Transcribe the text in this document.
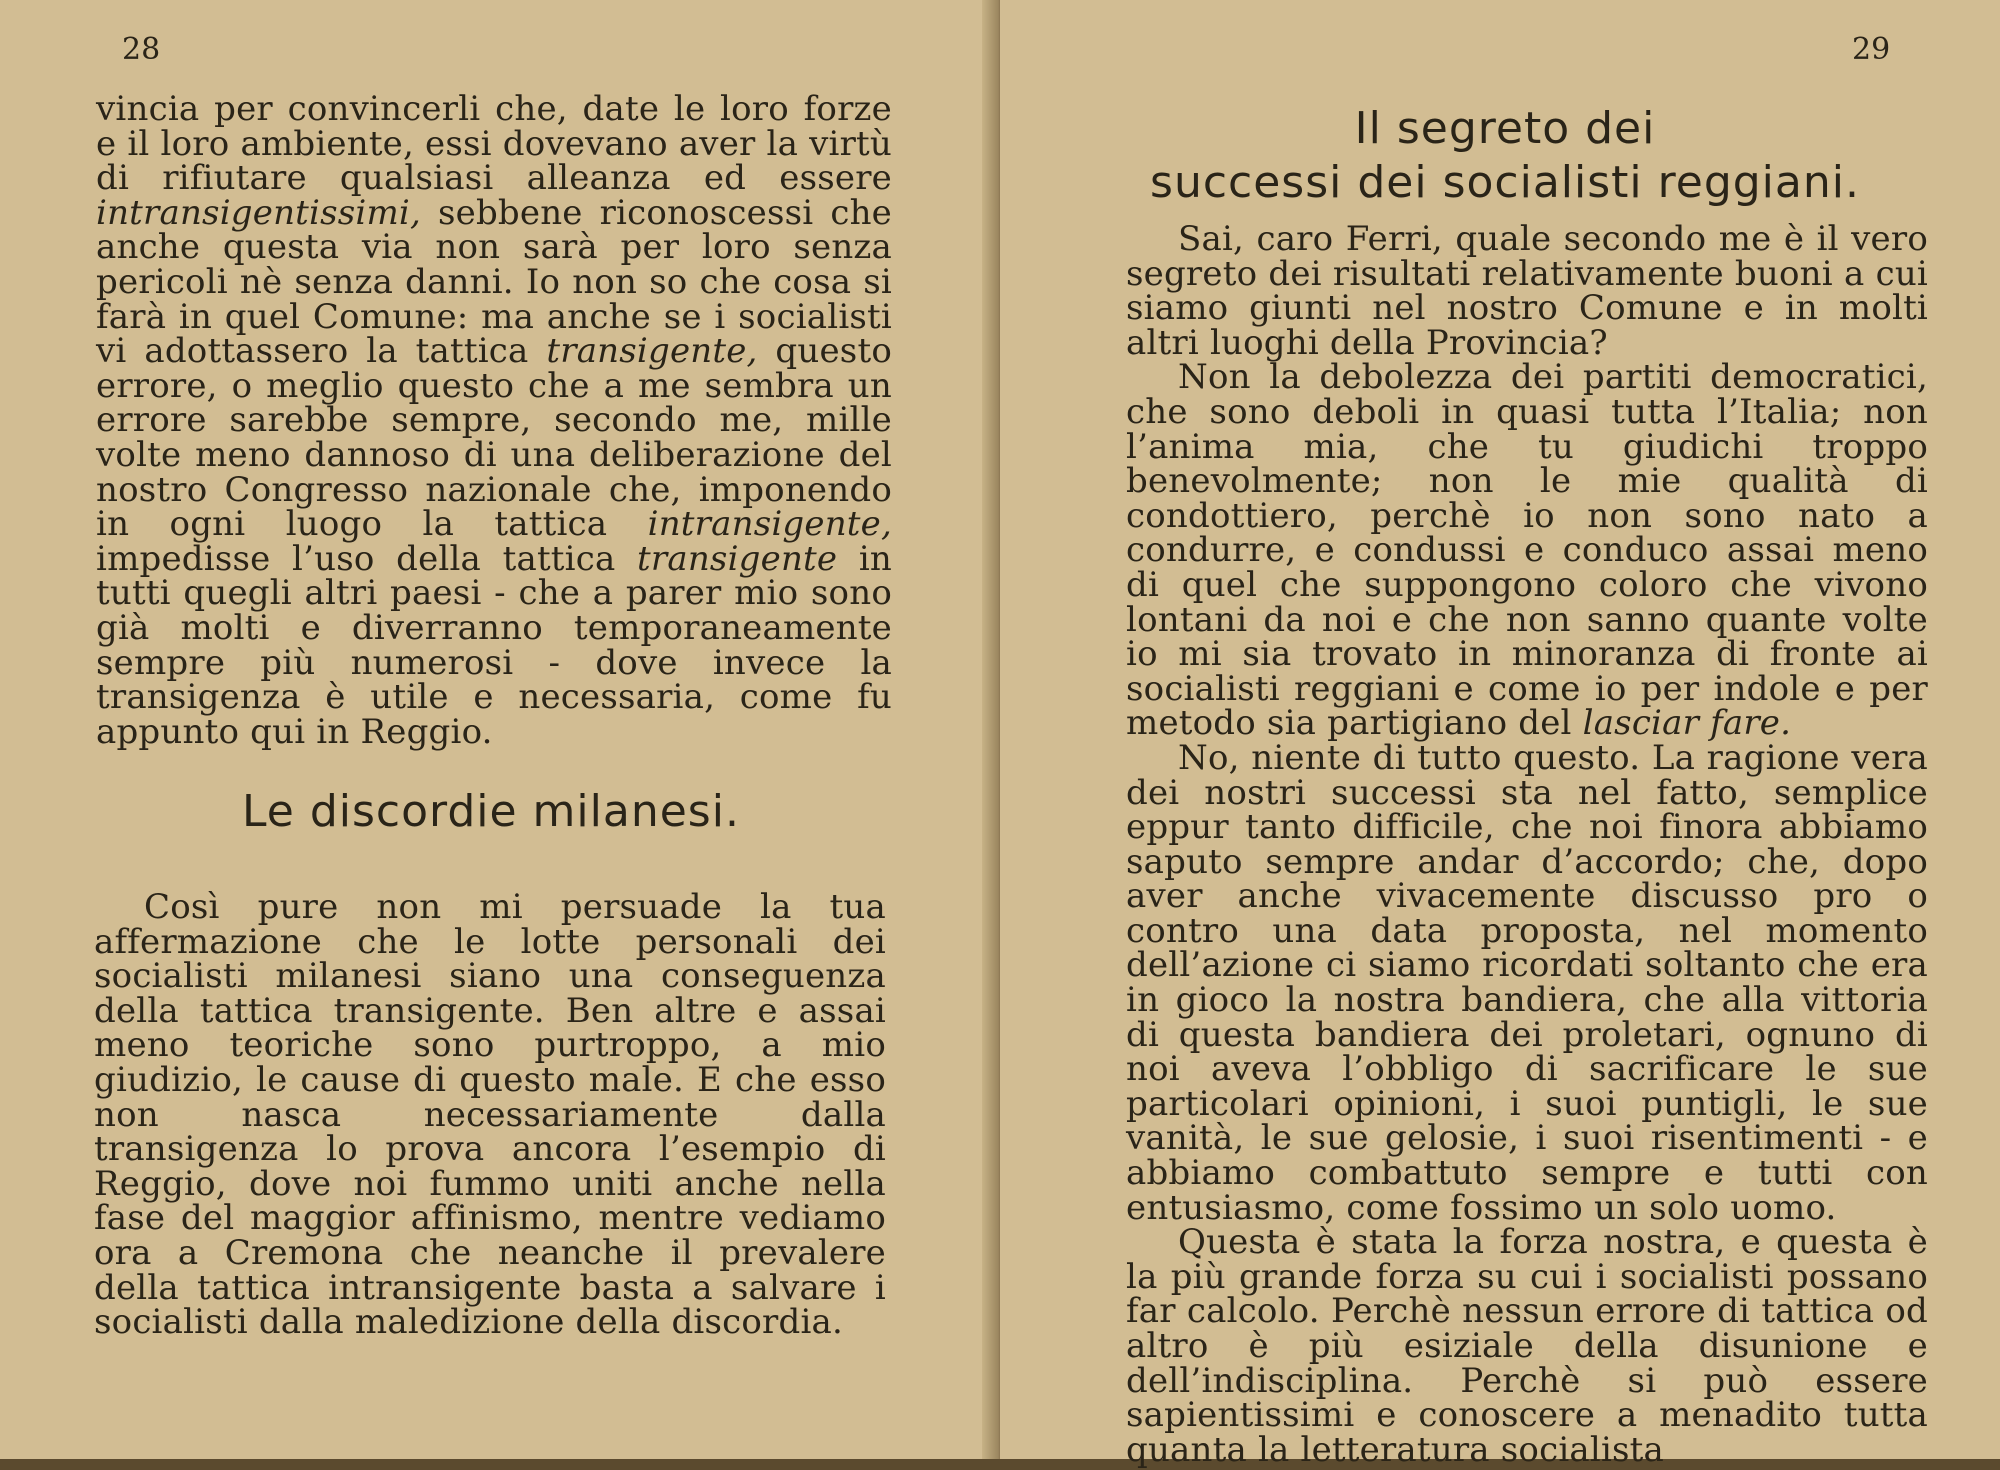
28
vincia per convincerli che, date le loro forze e il loro ambiente, essi dovevano aver la virtù di rifiutare qualsiasi alleanza ed essere intransigentissimi, sebbene riconoscessi che anche questa via non sarà per loro senza pericoli nè senza danni. Io non so che cosa si farà in quel Comune: ma anche se i socialisti vi adottassero la tattica transigente, questo errore, o meglio questo che a me sembra un errore sarebbe sempre, secondo me, mille volte meno dannoso di una deliberazione del nostro Congresso nazionale che, imponendo in ogni luogo la tattica intransigente, impedisse l’uso della tattica transigente in tutti quegli altri paesi - che a parer mio sono già molti e diverranno temporaneamente sempre più numerosi - dove invece la transigenza è utile e necessaria, come fu appunto qui in Reggio.
Le discordie milanesi.
Così pure non mi persuade la tua affermazione che le lotte personali dei socialisti milanesi siano una conseguenza della tattica transigente. Ben altre e assai meno teoriche sono purtroppo, a mio giudizio, le cause di questo male. E che esso non nasca necessariamente dalla transigenza lo prova ancora l’esempio di Reggio, dove noi fummo uniti anche nella fase del maggior affinismo, mentre vediamo ora a Cremona che neanche il prevalere della tattica intransigente basta a salvare i socialisti dalla maledizione della discordia.
29
Il segreto dei
successi dei socialisti reggiani.

Sai, caro Ferri, quale secondo me è il vero segreto dei risultati relativamente buoni a cui siamo giunti nel nostro Comune e in molti altri luoghi della Provincia?

Non la debolezza dei partiti democratici, che sono deboli in quasi tutta l’Italia; non l’anima mia, che tu giudichi troppo benevolmente; non le mie qualità di condottiero, perchè io non sono nato a condurre, e condussi e conduco assai meno di quel che suppongono coloro che vivono lontani da noi e che non sanno quante volte io mi sia trovato in minoranza di fronte ai socialisti reggiani e come io per indole e per metodo sia partigiano del lasciar fare.

No, niente di tutto questo. La ragione vera dei nostri successi sta nel fatto, semplice eppur tanto difficile, che noi finora abbiamo saputo sempre andar d’accordo; che, dopo aver anche vivacemente discusso pro o contro una data proposta, nel momento dell’azione ci siamo ricordati soltanto che era in gioco la nostra bandiera, che alla vittoria di questa bandiera dei proletari, ognuno di noi aveva l’obbligo di sacrificare le sue particolari opinioni, i suoi puntigli, le sue vanità, le sue gelosie, i suoi risentimenti - e abbiamo combattuto sempre e tutti con entusiasmo, come fossimo un solo uomo.

Questa è stata la forza nostra, e questa è la più grande forza su cui i socialisti possano far calcolo. Perchè nessun errore di tattica od altro è più esiziale della disunione e dell’indisciplina. Perchè si può essere sapientissimi e conoscere a menadito tutta quanta la letteratura socialista
